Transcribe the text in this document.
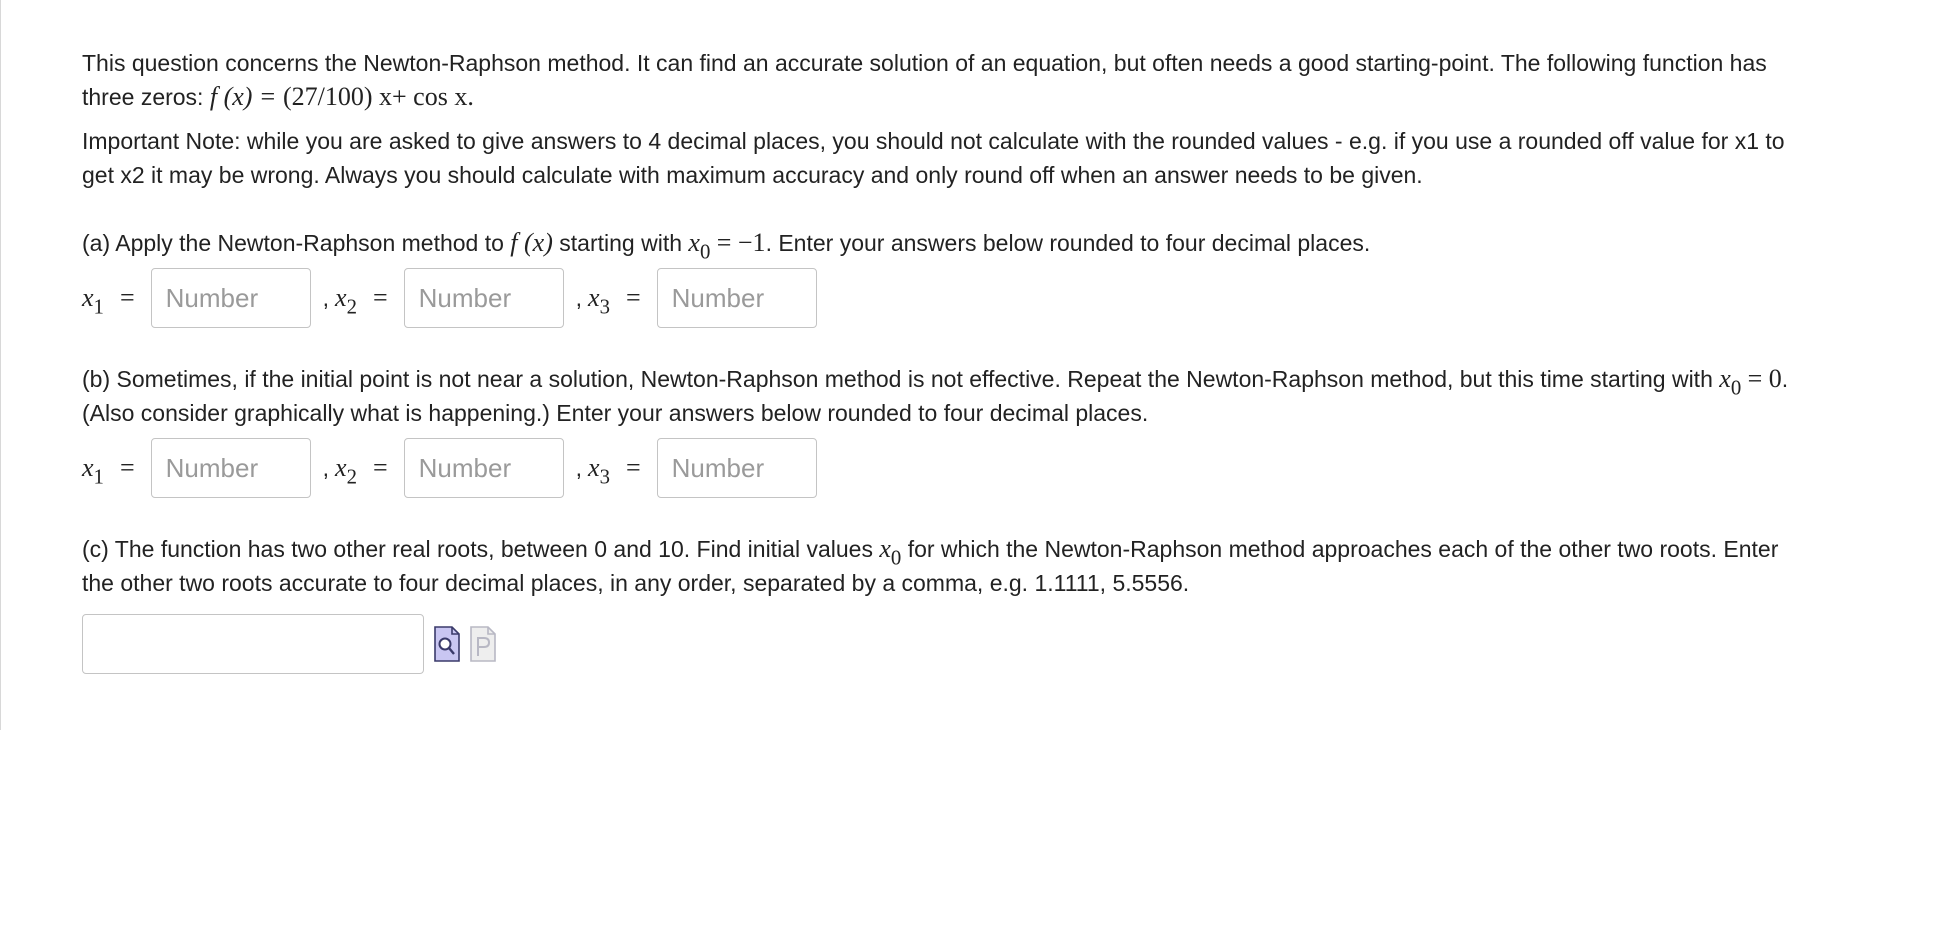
This question concerns the Newton-Raphson method. It can find an accurate solution of an equation, but often needs a good starting-point. The following function has three zeros: f (x) = (27/100) x+ cos x.

Important Note: while you are asked to give answers to 4 decimal places, you should not calculate with the rounded values - e.g. if you use a rounded off value for x1 to get x2 it may be wrong. Always you should calculate with maximum accuracy and only round off when an answer needs to be given.

(a) Apply the Newton-Raphson method to f (x) starting with $x_0 = -1$. Enter your answers below rounded to four decimal places.

$x_1$ =
Number	, $x_2$ =
Number	, $x_3$ =
Number

(b) Sometimes, if the initial point is not near a solution, Newton-Raphson method is not effective. Repeat the Newton-Raphson method, but this time starting with $x_0 = 0$. (Also consider graphically what is happening.) Enter your answers below rounded to four decimal places.

$x_1$ =
Number	, $x_2$ =
Number	, $x_3$ =
Number

(c) The function has two other real roots, between 0 and 10. Find initial values $x_0$ for which the Newton-Raphson method approaches each of the other two roots. Enter the other two roots accurate to four decimal places, in any order, separated by a comma, e.g. 1.1111, 5.5556.
